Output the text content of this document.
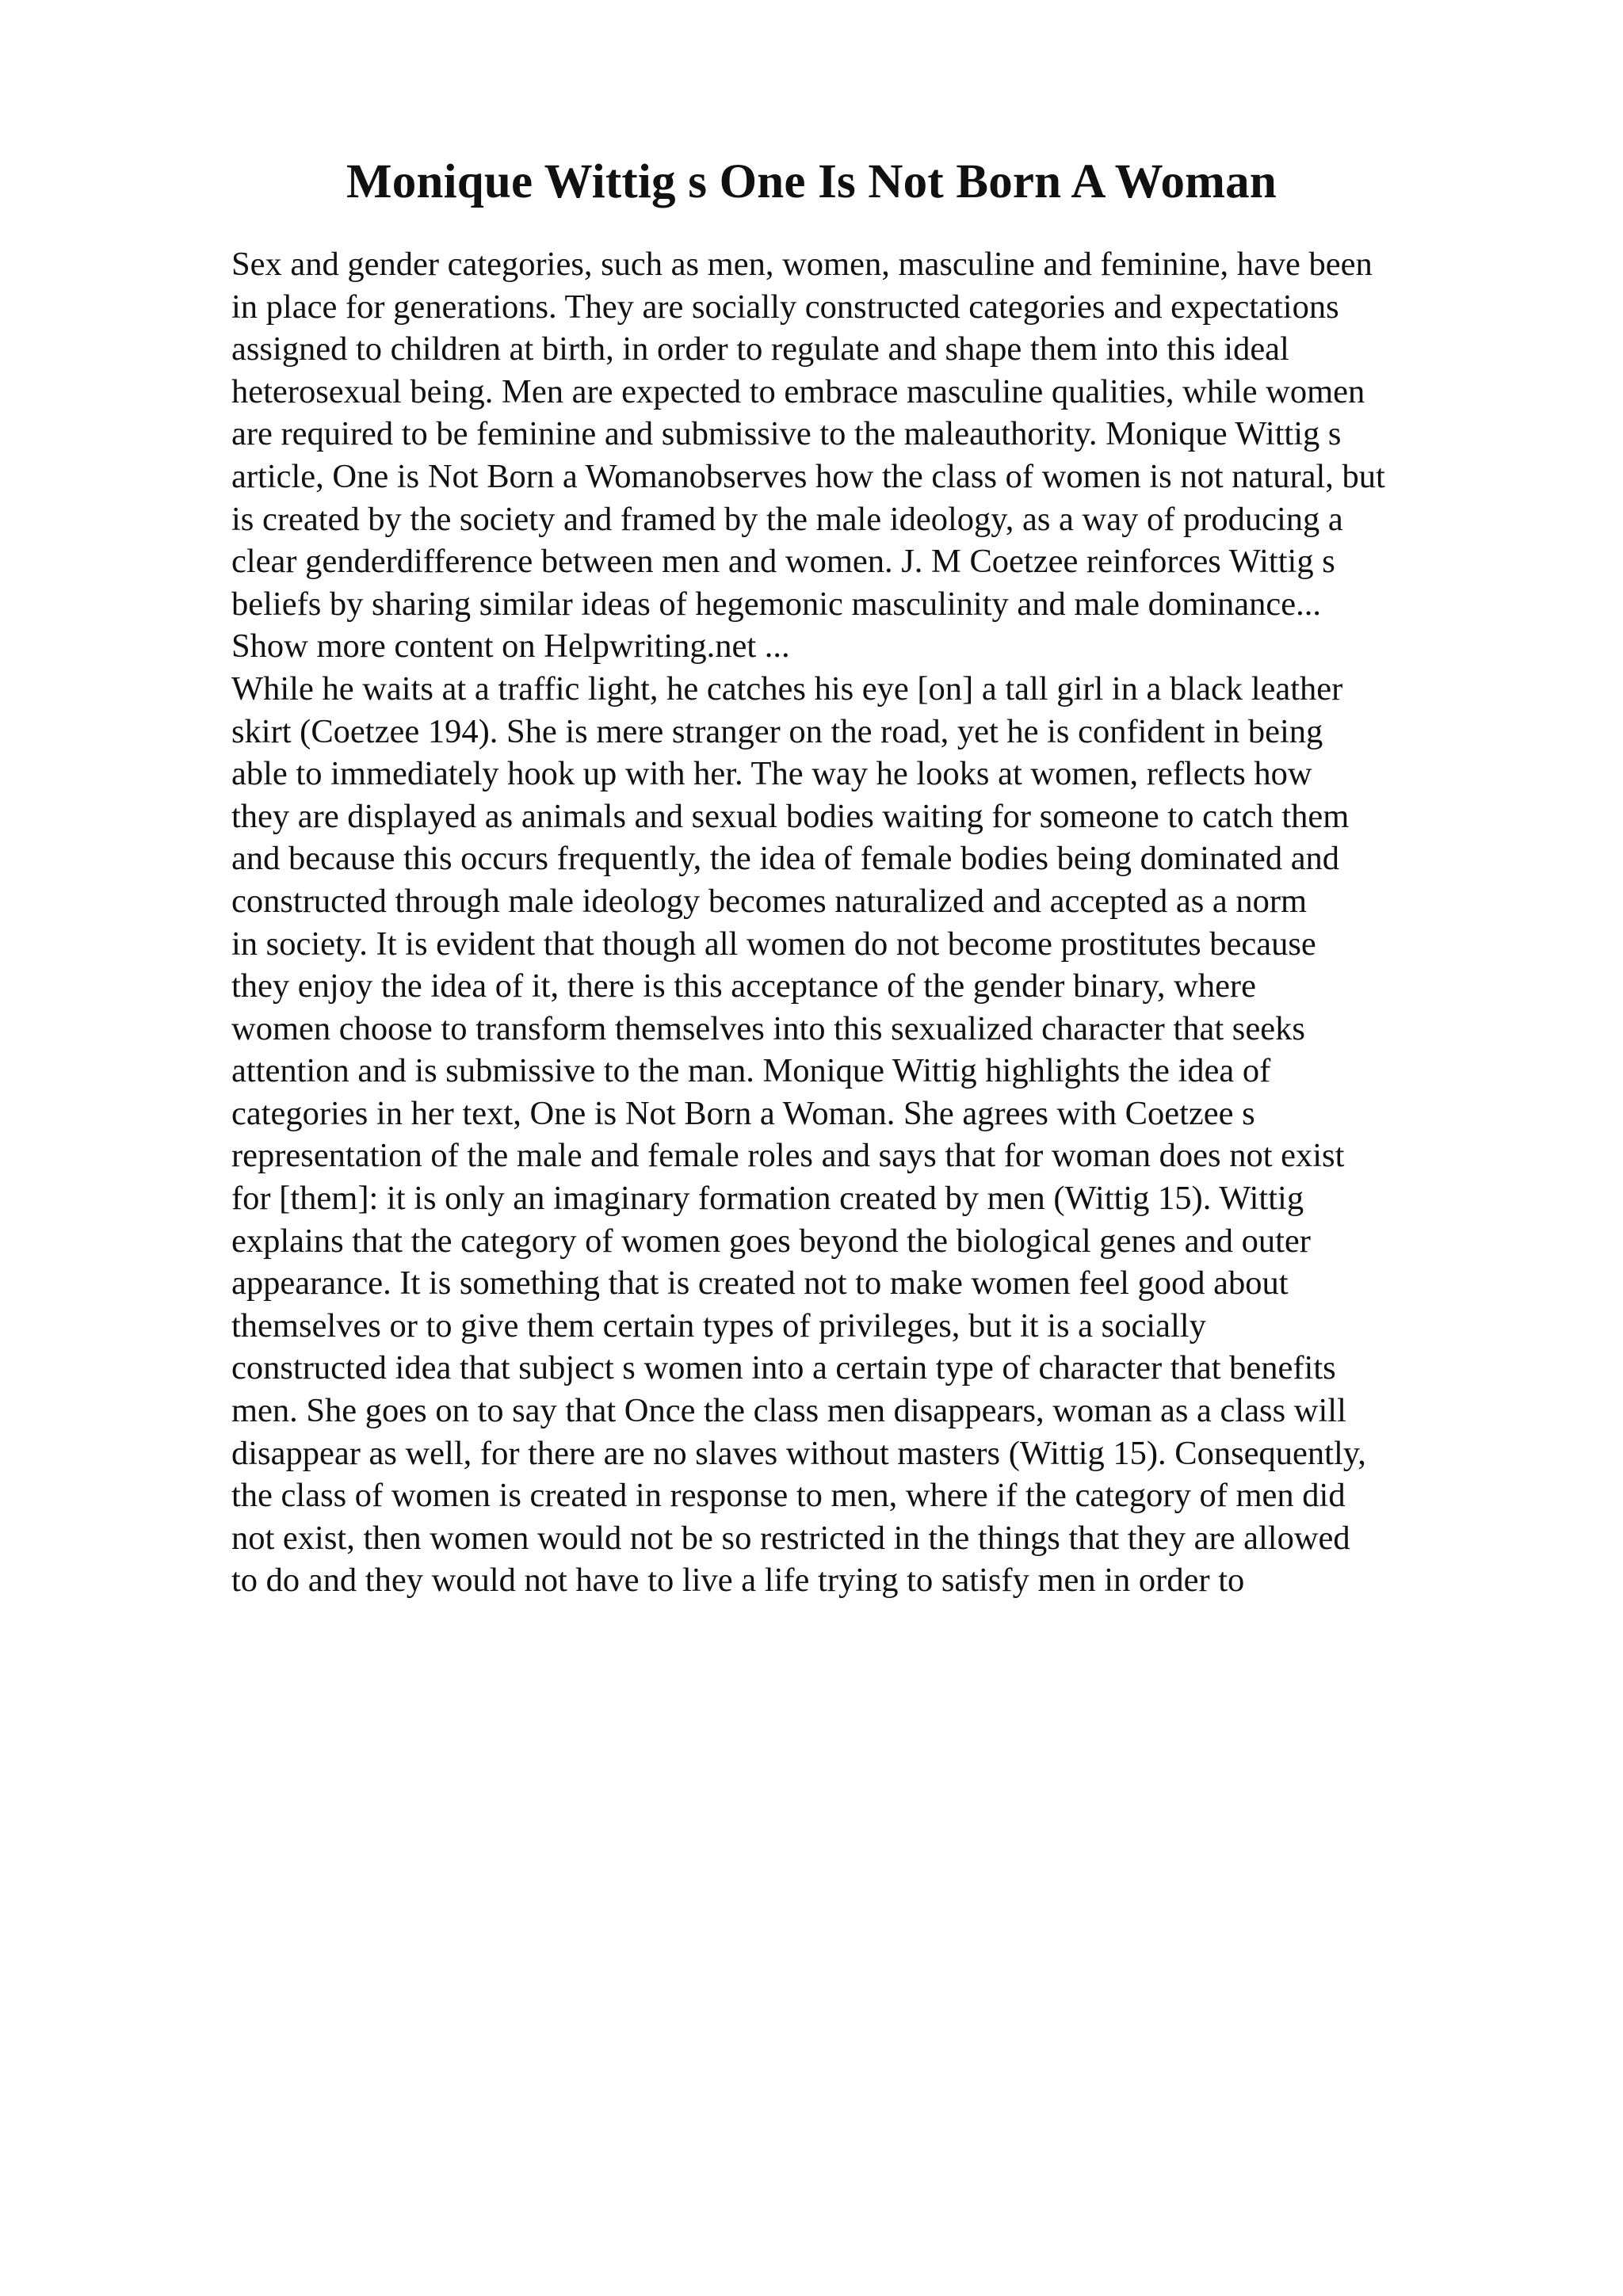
Monique Wittig s One Is Not Born A Woman
Sex and gender categories, such as men, women, masculine and feminine, have been
in place for generations. They are socially constructed categories and expectations
assigned to children at birth, in order to regulate and shape them into this ideal
heterosexual being. Men are expected to embrace masculine qualities, while women
are required to be feminine and submissive to the maleauthority. Monique Wittig s
article, One is Not Born a Womanobserves how the class of women is not natural, but
is created by the society and framed by the male ideology, as a way of producing a
clear genderdifference between men and women. J. M Coetzee reinforces Wittig s
beliefs by sharing similar ideas of hegemonic masculinity and male dominance...
Show more content on Helpwriting.net ...
While he waits at a traffic light, he catches his eye [on] a tall girl in a black leather
skirt (Coetzee 194). She is mere stranger on the road, yet he is confident in being
able to immediately hook up with her. The way he looks at women, reflects how
they are displayed as animals and sexual bodies waiting for someone to catch them
and because this occurs frequently, the idea of female bodies being dominated and
constructed through male ideology becomes naturalized and accepted as a norm
in society. It is evident that though all women do not become prostitutes because
they enjoy the idea of it, there is this acceptance of the gender binary, where
women choose to transform themselves into this sexualized character that seeks
attention and is submissive to the man. Monique Wittig highlights the idea of
categories in her text, One is Not Born a Woman. She agrees with Coetzee s
representation of the male and female roles and says that for woman does not exist
for [them]: it is only an imaginary formation created by men (Wittig 15). Wittig
explains that the category of women goes beyond the biological genes and outer
appearance. It is something that is created not to make women feel good about
themselves or to give them certain types of privileges, but it is a socially
constructed idea that subject s women into a certain type of character that benefits
men. She goes on to say that Once the class men disappears, woman as a class will
disappear as well, for there are no slaves without masters (Wittig 15). Consequently,
the class of women is created in response to men, where if the category of men did
not exist, then women would not be so restricted in the things that they are allowed
to do and they would not have to live a life trying to satisfy men in order to
